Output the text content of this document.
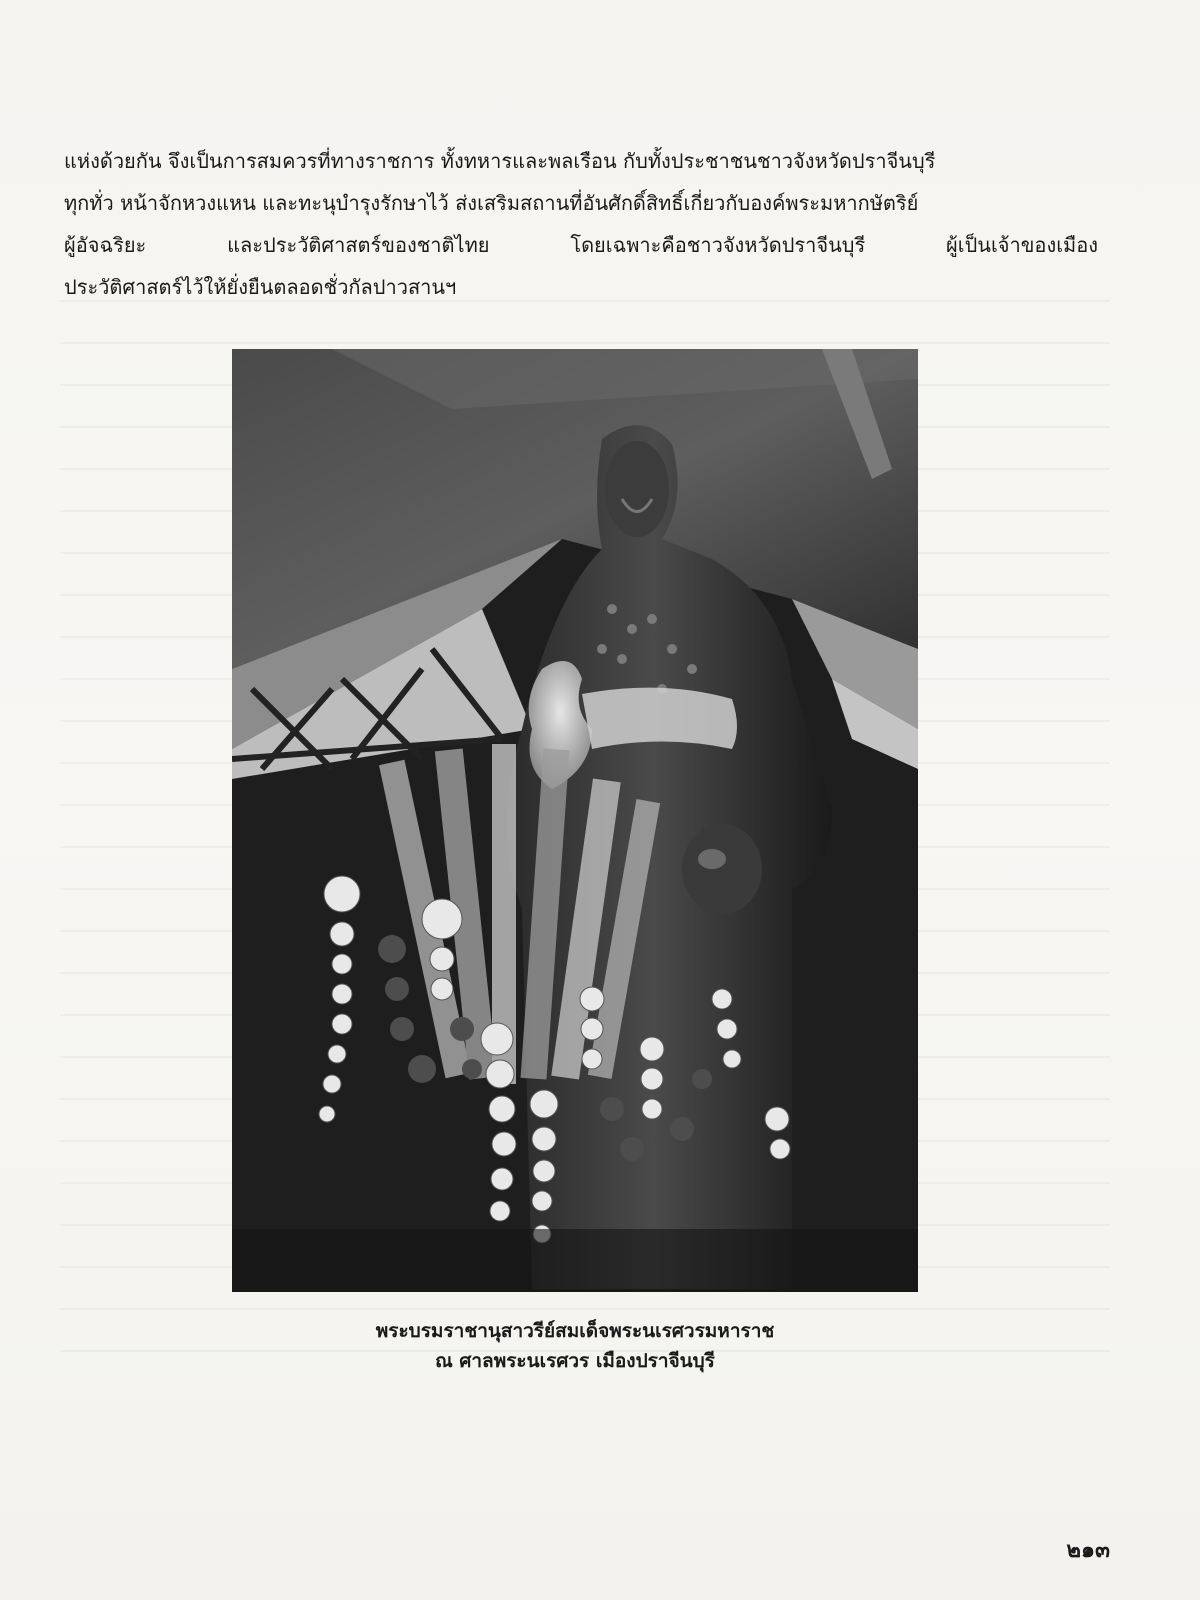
แห่งด้วยกัน จึงเป็นการสมควรที่ทางราชการ ทั้งทหารและพลเรือน กับทั้งประชาชนชาวจังหวัดปราจีนบุรี
ทุกทั่ว หน้าจักหวงแหน และทะนุบำรุงรักษาไว้ ส่งเสริมสถานที่อันศักดิ์สิทธิ์เกี่ยวกับองค์พระมหากษัตริย์
ผู้อัจฉริยะ	และประวัติศาสตร์ของชาติไทย	โดยเฉพาะคือชาวจังหวัดปราจีนบุรี	ผู้เป็นเจ้าของเมือง
ประวัติศาสตร์ไว้ให้ยั่งยืนตลอดชั่วกัลปาวสานฯ
พระบรมราชานุสาวรีย์สมเด็จพระนเรศวรมหาราช
ณ ศาลพระนเรศวร เมืองปราจีนบุรี
๒๑๓
